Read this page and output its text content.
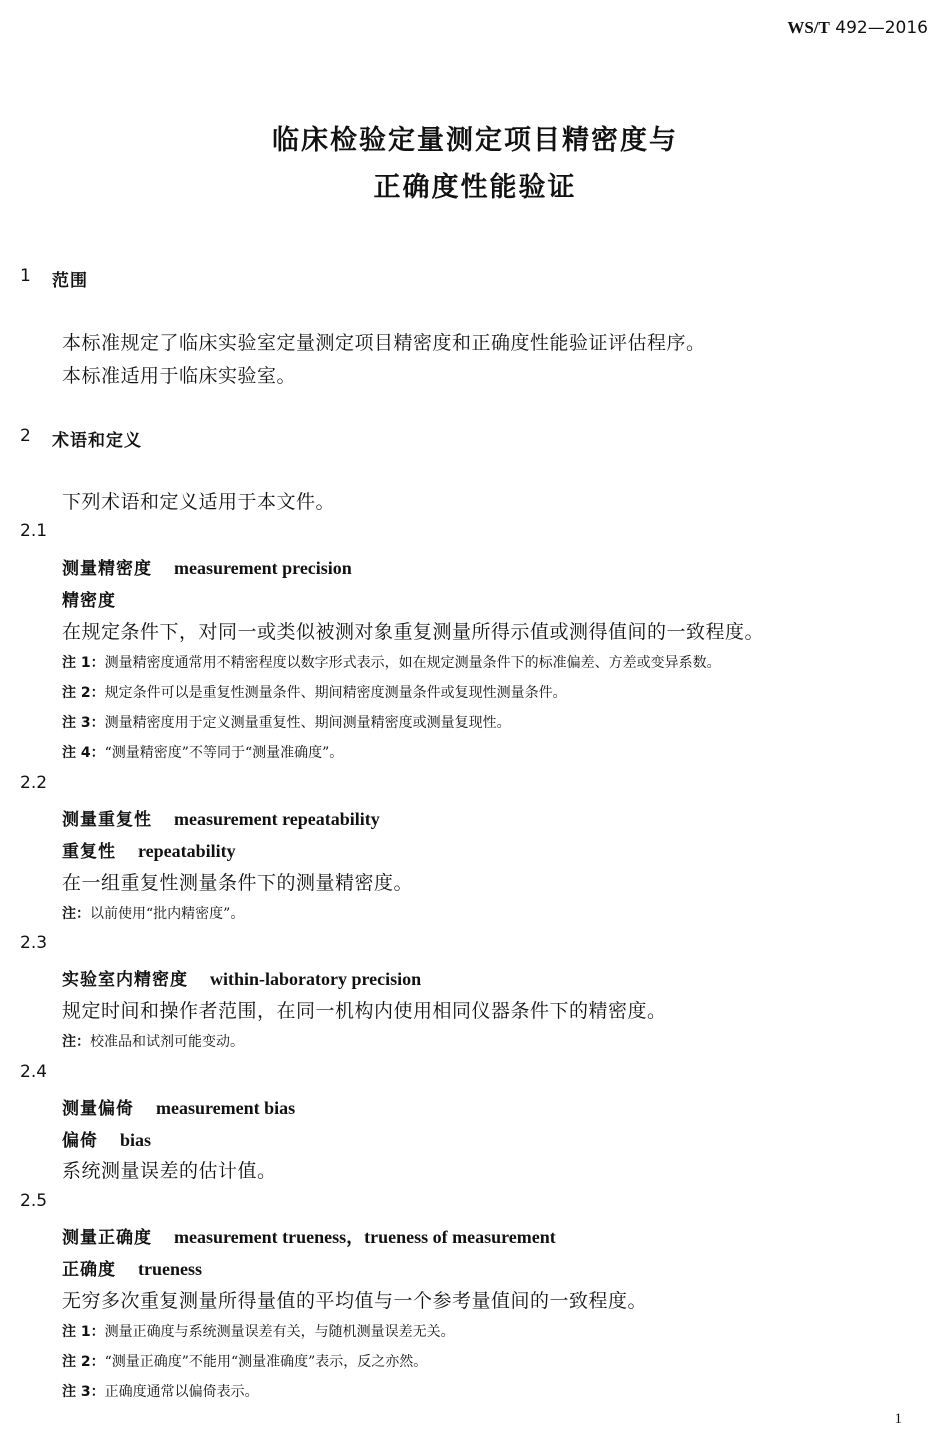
WS/T 492—2016
临床检验定量测定项目精密度与
正确度性能验证
1 范围
本标准规定了临床实验室定量测定项目精密度和正确度性能验证评估程序。
本标准适用于临床实验室。
2 术语和定义
下列术语和定义适用于本文件。
2.1
测量精密度 measurement precision
精密度
在规定条件下，对同一或类似被测对象重复测量所得示值或测得值间的一致程度。
注 1：测量精密度通常用不精密程度以数字形式表示，如在规定测量条件下的标准偏差、方差或变异系数。
注 2：规定条件可以是重复性测量条件、期间精密度测量条件或复现性测量条件。
注 3：测量精密度用于定义测量重复性、期间测量精密度或测量复现性。
注 4：“测量精密度”不等同于“测量准确度”。
2.2
测量重复性 measurement repeatability
重复性 repeatability
在一组重复性测量条件下的测量精密度。
注：以前使用“批内精密度”。
2.3
实验室内精密度 within-laboratory precision
规定时间和操作者范围，在同一机构内使用相同仪器条件下的精密度。
注：校准品和试剂可能变动。
2.4
测量偏倚 measurement bias
偏倚 bias
系统测量误差的估计值。
2.5
测量正确度 measurement trueness，trueness of measurement
正确度 trueness
无穷多次重复测量所得量值的平均值与一个参考量值间的一致程度。
注 1：测量正确度与系统测量误差有关，与随机测量误差无关。
注 2：“测量正确度”不能用“测量准确度”表示，反之亦然。
注 3：正确度通常以偏倚表示。
1
